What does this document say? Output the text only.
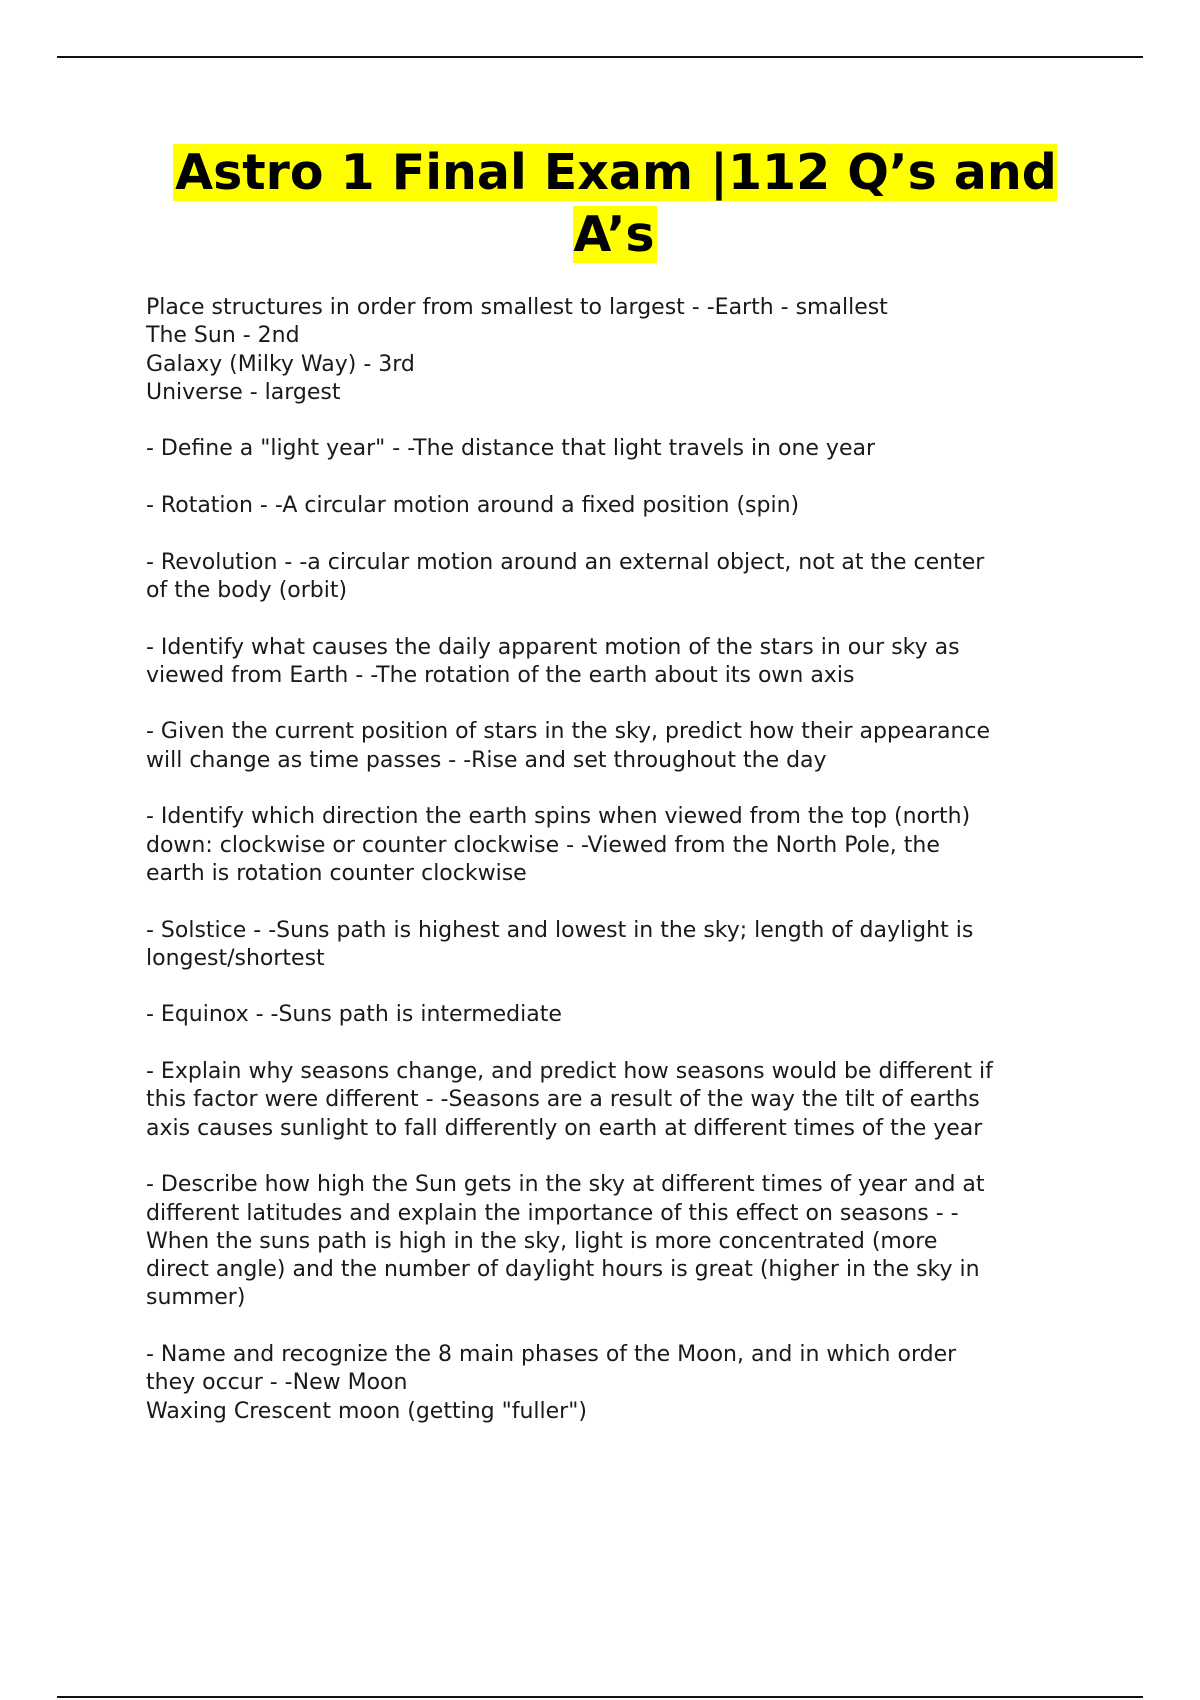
Astro 1 Final Exam |112 Q’s and A’s

Place structures in order from smallest to largest - -Earth - smallest
The Sun - 2nd
Galaxy (Milky Way) - 3rd
Universe - largest

- Define a "light year" - -The distance that light travels in one year

- Rotation - -A circular motion around a fixed position (spin)

- Revolution - -a circular motion around an external object, not at the center
of the body (orbit)

- Identify what causes the daily apparent motion of the stars in our sky as
viewed from Earth - -The rotation of the earth about its own axis

- Given the current position of stars in the sky, predict how their appearance
will change as time passes - -Rise and set throughout the day

- Identify which direction the earth spins when viewed from the top (north)
down: clockwise or counter clockwise - -Viewed from the North Pole, the
earth is rotation counter clockwise

- Solstice - -Suns path is highest and lowest in the sky; length of daylight is
longest/shortest

- Equinox - -Suns path is intermediate

- Explain why seasons change, and predict how seasons would be different if
this factor were different - -Seasons are a result of the way the tilt of earths
axis causes sunlight to fall differently on earth at different times of the year

- Describe how high the Sun gets in the sky at different times of year and at
different latitudes and explain the importance of this effect on seasons - -
When the suns path is high in the sky, light is more concentrated (more
direct angle) and the number of daylight hours is great (higher in the sky in
summer)

- Name and recognize the 8 main phases of the Moon, and in which order
they occur - -New Moon
Waxing Crescent moon (getting "fuller")
